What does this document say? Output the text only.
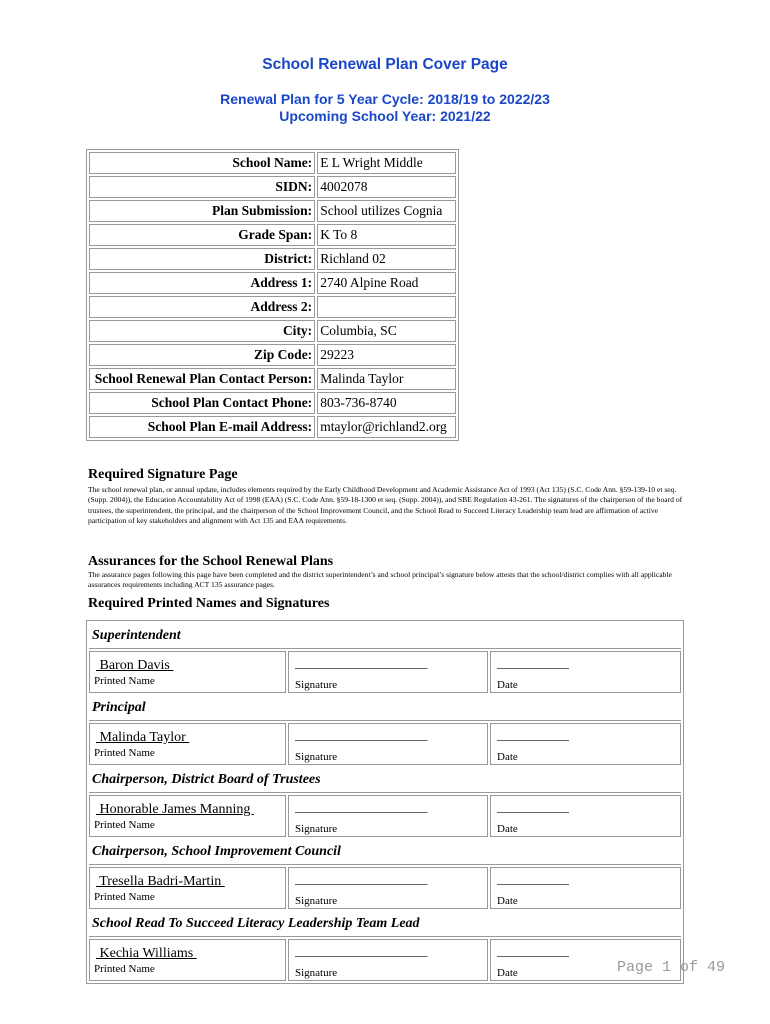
School Renewal Plan Cover Page
Renewal Plan for 5 Year Cycle: 2018/19 to 2022/23
Upcoming School Year: 2021/22
School Name:	E L Wright Middle
SIDN:	4002078
Plan Submission:	School utilizes Cognia
Grade Span:	K To 8
District:	Richland 02
Address 1:	2740 Alpine Road
Address 2:	
City:	Columbia, SC
Zip Code:	29223
School Renewal Plan Contact Person:	Malinda Taylor
School Plan Contact Phone:	803-736-8740
School Plan E-mail Address:	mtaylor@richland2.org
Required Signature Page
The school renewal plan, or annual update, includes elements required by the Early Childhood Development and Academic Assistance Act of 1993 (Act 135) (S.C. Code Ann. §59-139-10 et seq. (Supp. 2004)), the Education Accountability Act of 1998 (EAA) (S.C. Code Ann. §59-18-1300 et seq. (Supp. 2004)), and SBE Regulation 43-261. The signatures of the chairperson of the board of trustees, the superintendent, the principal, and the chairperson of the School Improvement Council, and the School Read to Succeed Literacy Leadership team lead are affirmation of active participation of key stakeholders and alignment with Act 135 and EAA requirements.
Assurances for the School Renewal Plans
The assurance pages following this page have been completed and the district superintendent’s and school principal’s signature below attests that the school/district complies with all applicable assurances requirements including ACT 135 assurance pages.
Required Printed Names and Signatures
Superintendent
Baron Davis
Printed Name
________________________
Signature
_____________
Date
Principal
Malinda Taylor
Printed Name
________________________
Signature
_____________
Date
Chairperson, District Board of Trustees
Honorable James Manning
Printed Name
________________________
Signature
_____________
Date
Chairperson, School Improvement Council
Tresella Badri-Martin
Printed Name
________________________
Signature
_____________
Date
School Read To Succeed Literacy Leadership Team Lead
Kechia Williams
Printed Name
________________________
Signature
_____________
Date	Page 1 of 49
